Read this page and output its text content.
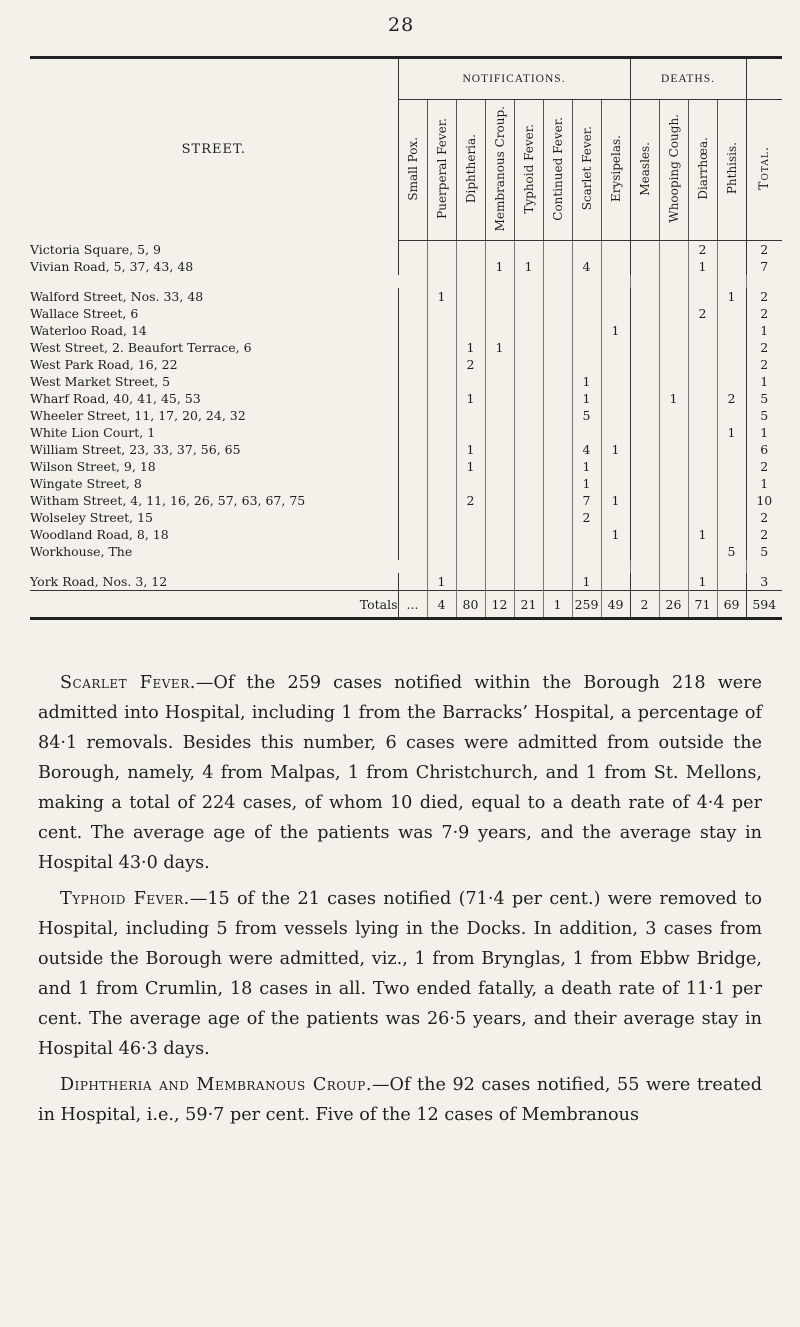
28
STREET.	NOTIFICATIONS.								DEATHS.				
	Small Pox.	Puerperal Fever.	Diphtheria.	Membranous Croup.	Typhoid Fever.	Continued Fever.	Scarlet Fever.	Erysipelas.	Measles.	Whooping Cough.	Diarrhœa.	Phthisis.	Total.
Victoria Square, 5, 9											2		2
Vivian Road, 5, 37, 43, 48				1	1		4				1		7

Walford Street, Nos. 33, 48		1										1	2
Wallace Street, 6											2		2
Waterloo Road, 14								1					1
West Street, 2. Beaufort Terrace, 6			1	1									2
West Park Road, 16, 22			2										2
West Market Street, 5							1						1
Wharf Road, 40, 41, 45, 53			1				1			1		2	5
Wheeler Street, 11, 17, 20, 24, 32							5						5
White Lion Court, 1												1	1
William Street, 23, 33, 37, 56, 65			1				4	1					6
Wilson Street, 9, 18			1				1						2
Wingate Street, 8							1						1
Witham Street, 4, 11, 16, 26, 57, 63, 67, 75			2				7	1					10
Wolseley Street, 15							2						2
Woodland Road, 8, 18								1			1		2
Workhouse, The												5	5

York Road, Nos. 3, 12		1					1				1		3
Totals	...	4	80	12	21	1	259	49	2	26	71	69	594

Scarlet Fever.—Of the 259 cases notified within the Borough 218 were admitted into Hospital, including 1 from the Barracks’ Hospital, a percentage of 84·1 removals. Besides this number, 6 cases were admitted from outside the Borough, namely, 4 from Malpas, 1 from Christchurch, and 1 from St. Mellons, making a total of 224 cases, of whom 10 died, equal to a death rate of 4·4 per cent. The average age of the patients was 7·9 years, and the average stay in Hospital 43·0 days.

Typhoid Fever.—15 of the 21 cases notified (71·4 per cent.) were removed to Hospital, including 5 from vessels lying in the Docks. In addition, 3 cases from outside the Borough were admitted, viz., 1 from Bryngl​as, 1 from Ebbw Bridge, and 1 from Crumlin, 18 cases in all. Two ended fatally, a death rate of 11·1 per cent. The average age of the patients was 26·5 years, and their average stay in Hospital 46·3 days.

Diphtheria and Membranous Croup.—Of the 92 cases notified, 55 were treated in Hospital, i.e., 59·7 per cent. Five of the 12 cases of Membranous
